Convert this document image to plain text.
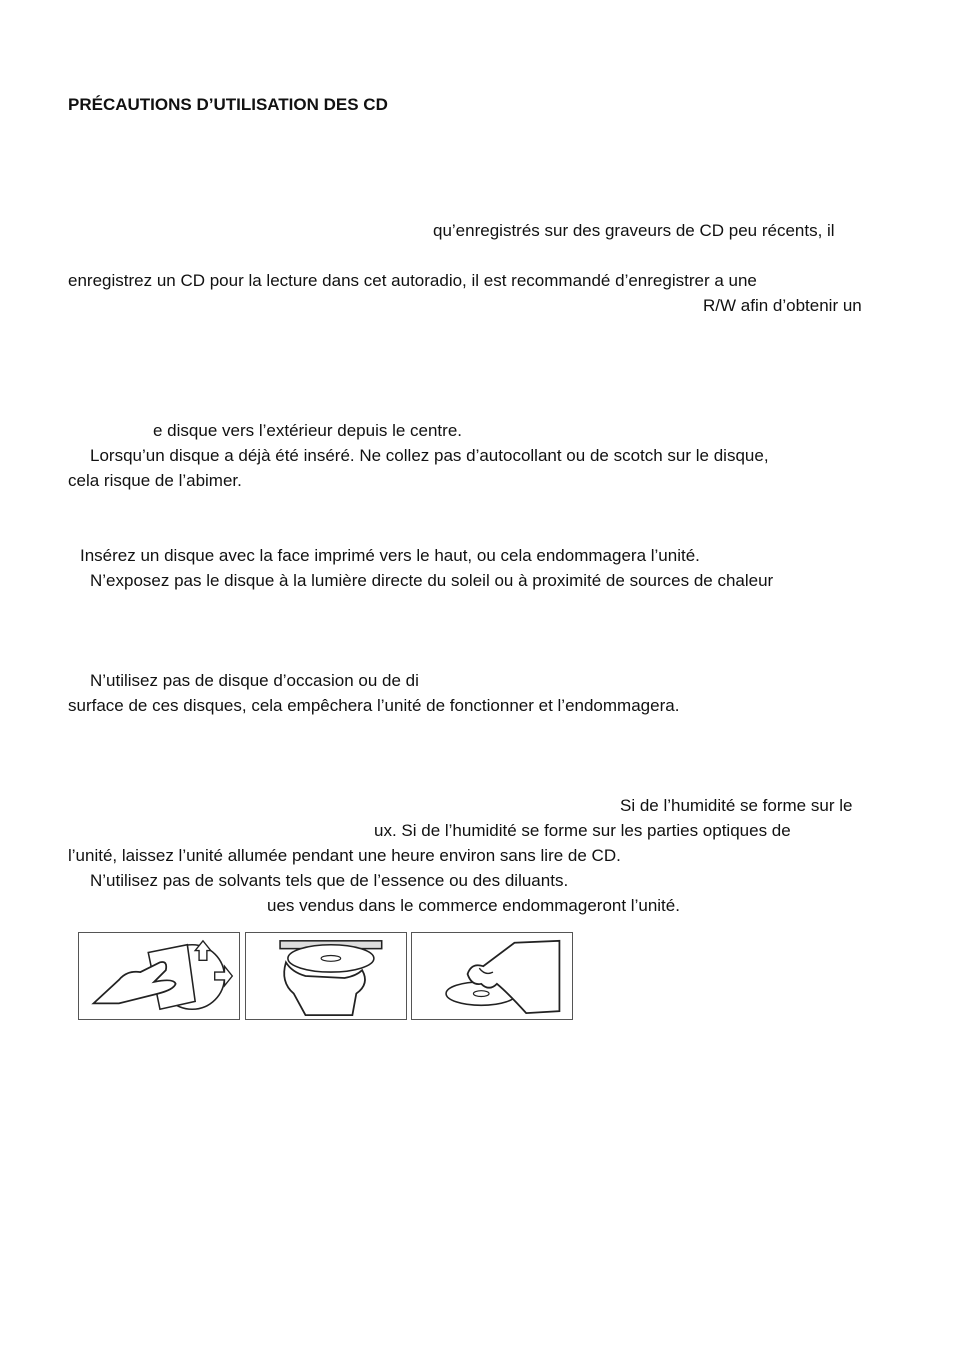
PRÉCAUTIONS D’UTILISATION DES CD
qu’enregistrés sur des graveurs de CD peu récents, il
enregistrez un CD pour la lecture dans cet autoradio, il est recommandé d’enregistrer a une
R/W afin d’obtenir un
e disque vers l’extérieur depuis le centre.
Lorsqu’un disque a déjà été inséré. Ne collez pas d’autocollant ou de scotch sur le disque,
cela risque de l’abimer.
Insérez un disque avec la face imprimé vers le haut, ou cela endommagera l’unité.
N’exposez pas le disque à la lumière directe du soleil ou à proximité de sources de chaleur
N’utilisez pas de disque d’occasion ou de di
surface de ces disques, cela empêchera l’unité de fonctionner et l’endommagera.
Si de l’humidité se forme sur le
ux. Si de l’humidité se forme sur les parties optiques de
l’unité, laissez l’unité allumée pendant une heure environ sans lire de CD.
N’utilisez pas de solvants tels que de l’essence ou des diluants.
ues vendus dans le commerce endommageront l’unité.
